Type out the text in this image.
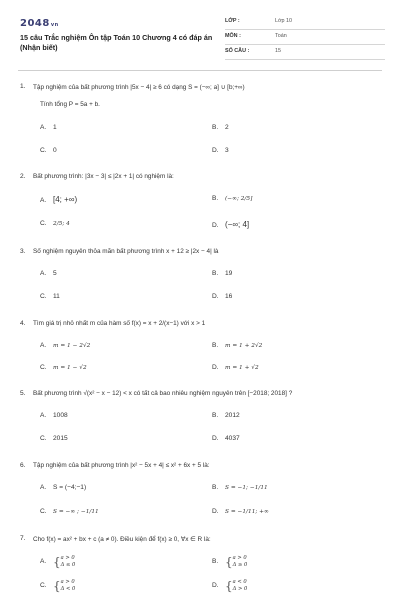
2048vn
15 câu Trắc nghiệm Ôn tập Toán 10 Chương 4 có đáp án (Nhận biết)
LỚP :	Lớp 10
MÔN :	Toán
SỐ CÂU :	15
1. Tập nghiệm của bất phương trình |5x − 4| ≥ 6 có dạng S = (−∞; a] ∪ [b;+∞)
Tính tổng P = 5a + b.
A. 1	B. 2
C. 0	D. 3
2. Bất phương trình: |3x − 3| ≤ |2x + 1| có nghiệm là:
A. [4; +∞)	B. (−∞; 2/5]
C. 2/5; 4	D. (−∞; 4]
3. Số nghiệm nguyên thỏa mãn bất phương trình x + 12 ≥ |2x − 4| là
A. 5	B. 19
C. 11	D. 16
4. Tìm giá trị nhỏ nhất m của hàm số f(x) = x + 2/(x−1) với x > 1
A. m = 1 − 2√2	B. m = 1 + 2√2
C. m = 1 − √2	D. m = 1 + √2
5. Bất phương trình √(x² − x − 12) < x có tất cả bao nhiêu nghiệm nguyên trên [−2018; 2018] ?
A. 1008	B. 2012
C. 2015	D. 4037
6. Tập nghiệm của bất phương trình |x² − 5x + 4| ≤ x² + 6x + 5 là:
A. S = (−4;−1)	B. S = −1; −1/11
C. S = −∞ ; −1/11	D. S = −1/11; +∞
7. Cho f(x) = ax² + bx + c (a ≠ 0). Điều kiện để f(x) ≥ 0, ∀x ∈ R là:
A. { a > 0
Δ ≤ 0	B. { a > 0
Δ ≥ 0
C. { a > 0
Δ < 0	D. { a < 0
Δ > 0
